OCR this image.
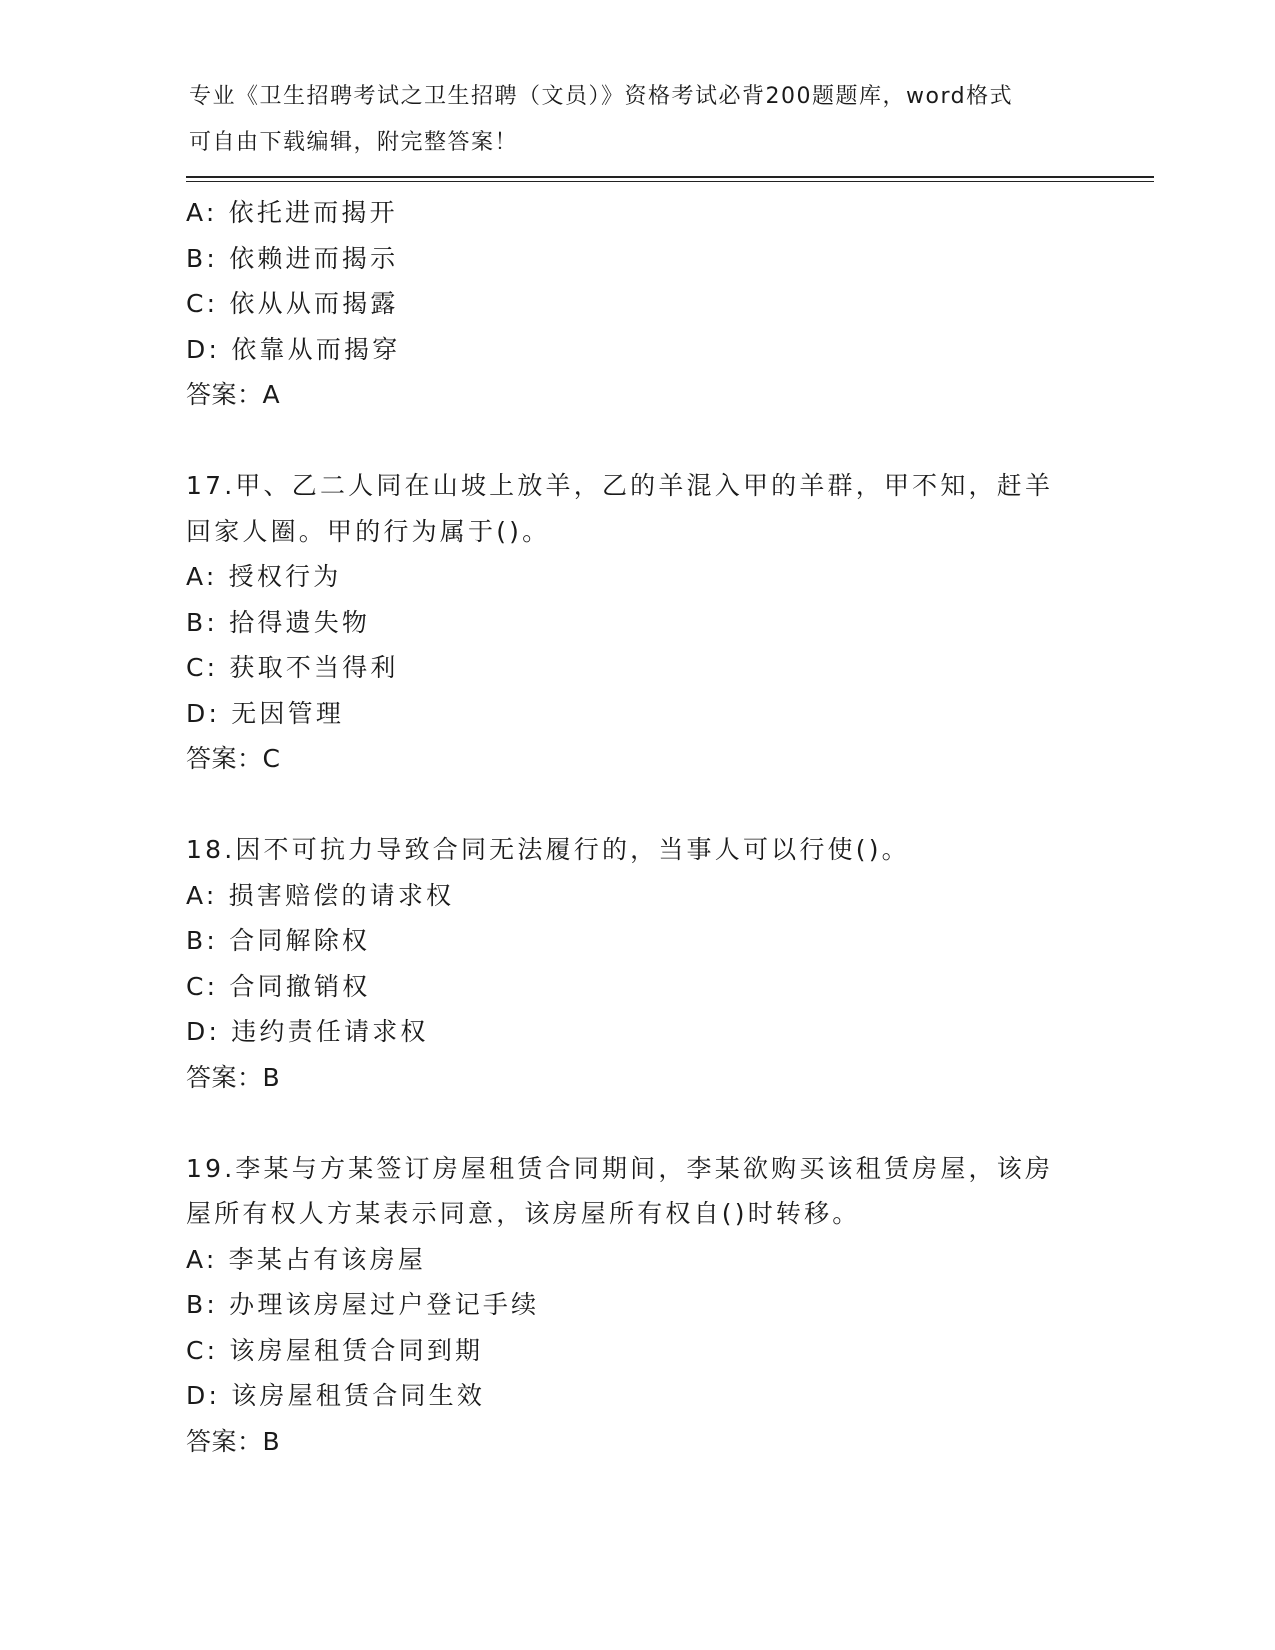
专业《卫生招聘考试之卫生招聘（文员）》资格考试必背200题题库，word格式
可自由下载编辑，附完整答案！
A: 依托进而揭开
B: 依赖进而揭示
C: 依从从而揭露
D: 依靠从而揭穿
答案：A
17.甲、乙二人同在山坡上放羊，乙的羊混入甲的羊群，甲不知，赶羊
回家人圈。甲的行为属于()。
A: 授权行为
B: 拾得遗失物
C: 获取不当得利
D: 无因管理
答案：C
18.因不可抗力导致合同无法履行的，当事人可以行使()。
A: 损害赔偿的请求权
B: 合同解除权
C: 合同撤销权
D: 违约责任请求权
答案：B
19.李某与方某签订房屋租赁合同期间，李某欲购买该租赁房屋，该房
屋所有权人方某表示同意，该房屋所有权自()时转移。
A: 李某占有该房屋
B: 办理该房屋过户登记手续
C: 该房屋租赁合同到期
D: 该房屋租赁合同生效
答案：B
